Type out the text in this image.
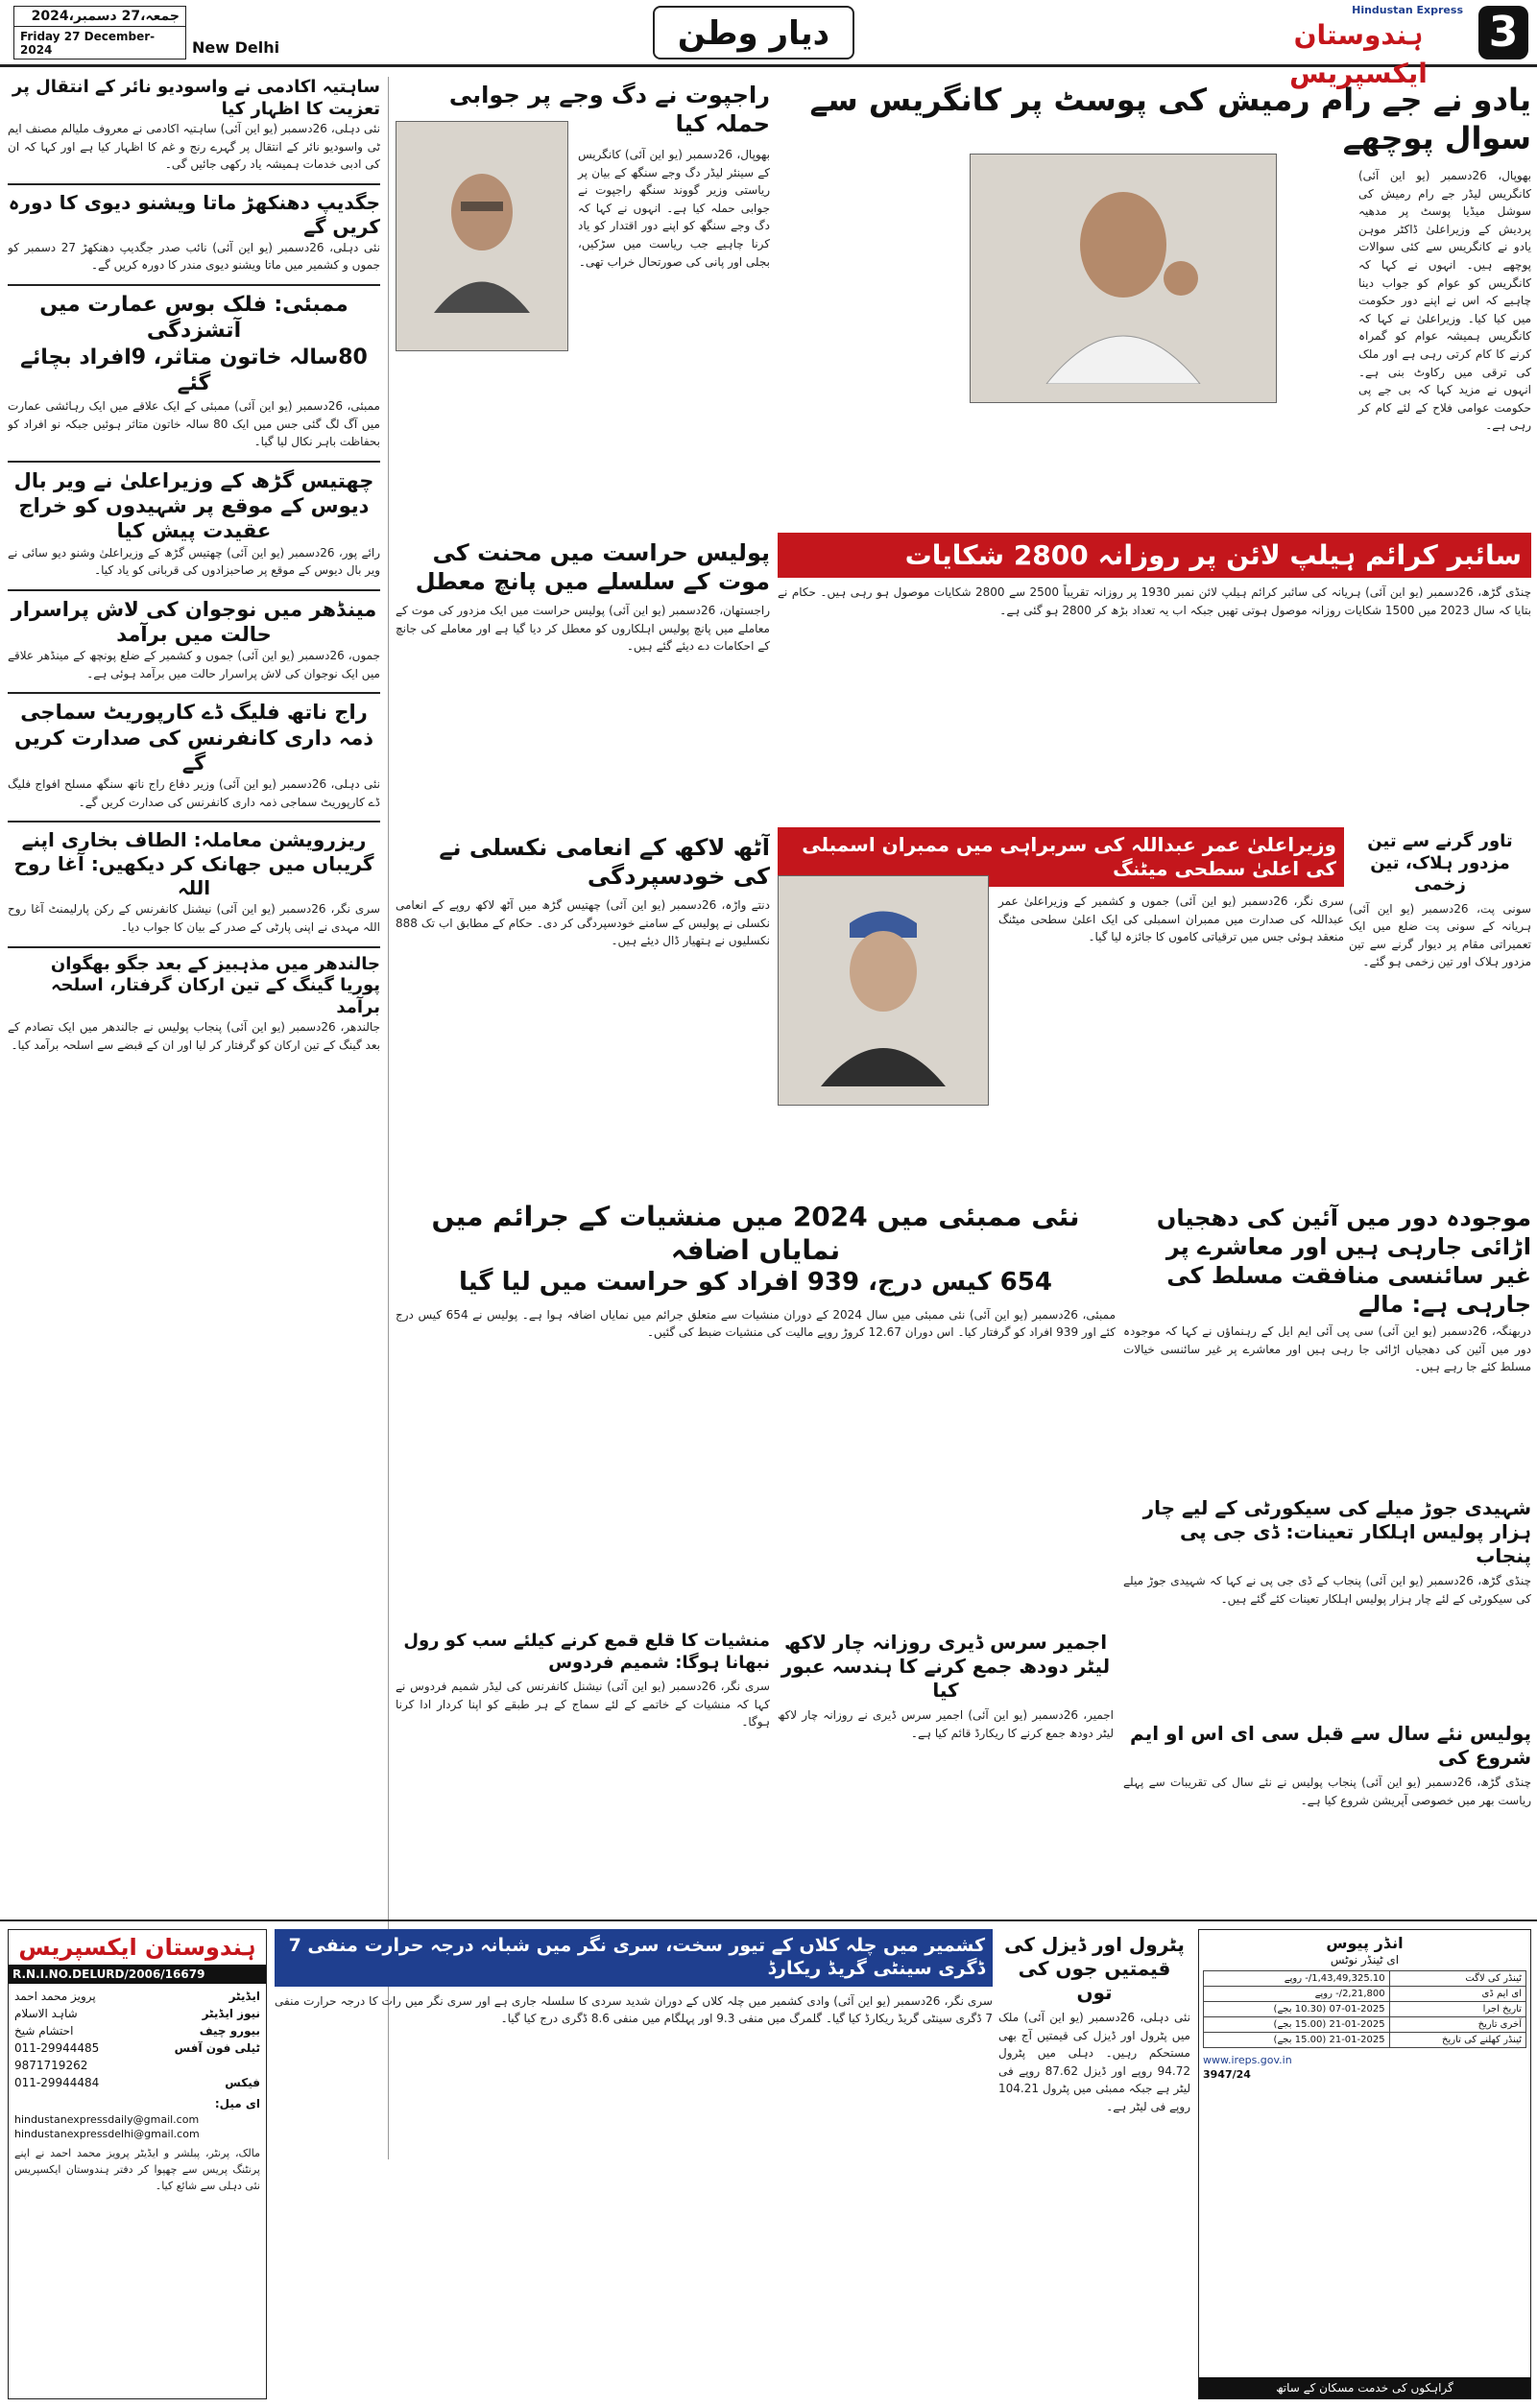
جمعہ،27 دسمبر،2024
Friday 27 December-2024	New Delhi	دیار وطن
Hindustan Express
ہندوستان ایکسپریس
3
ساہتیہ اکادمی نے واسودیو نائر کے انتقال پر تعزیت کا اظہار کیا
نئی دہلی، 26دسمبر (یو این آئی) ساہتیہ اکادمی نے معروف ملیالم مصنف ایم ٹی واسودیو نائر کے انتقال پر گہرے رنج و غم کا اظہار کیا ہے اور کہا کہ ان کی ادبی خدمات ہمیشہ یاد رکھی جائیں گی۔
جگدیپ دھنکھڑ ماتا ویشنو دیوی کا دورہ کریں گے
نئی دہلی، 26دسمبر (یو این آئی) نائب صدر جگدیپ دھنکھڑ 27 دسمبر کو جموں و کشمیر میں ماتا ویشنو دیوی مندر کا دورہ کریں گے۔
ممبئی: فلک بوس عمارت میں آتشزدگی
80سالہ خاتون متاثر، 9افراد بچائے گئے
ممبئی، 26دسمبر (یو این آئی) ممبئی کے ایک علاقے میں ایک رہائشی عمارت میں آگ لگ گئی جس میں ایک 80 سالہ خاتون متاثر ہوئیں جبکہ نو افراد کو بحفاظت باہر نکال لیا گیا۔
چھتیس گڑھ کے وزیراعلیٰ نے ویر بال دیوس کے موقع پر شہیدوں کو خراج عقیدت پیش کیا
رائے پور، 26دسمبر (یو این آئی) چھتیس گڑھ کے وزیراعلیٰ وشنو دیو سائی نے ویر بال دیوس کے موقع پر صاحبزادوں کی قربانی کو یاد کیا۔
مینڈھر میں نوجوان کی لاش پراسرار حالت میں برآمد
جموں، 26دسمبر (یو این آئی) جموں و کشمیر کے ضلع پونچھ کے مینڈھر علاقے میں ایک نوجوان کی لاش پراسرار حالت میں برآمد ہوئی ہے۔
راج ناتھ فلیگ ڈے کارپوریٹ سماجی ذمہ داری کانفرنس کی صدارت کریں گے
نئی دہلی، 26دسمبر (یو این آئی) وزیر دفاع راج ناتھ سنگھ مسلح افواج فلیگ ڈے کارپوریٹ سماجی ذمہ داری کانفرنس کی صدارت کریں گے۔
ریزرویشن معاملہ: الطاف بخاری اپنے گریباں میں جھانک کر دیکھیں: آغا روح اللہ
سری نگر، 26دسمبر (یو این آئی) نیشنل کانفرنس کے رکن پارلیمنٹ آغا روح اللہ مہدی نے اپنی پارٹی کے صدر کے بیان کا جواب دیا۔
جالندھر میں مذہبیز کے بعد جگو بھگوان پوریا گینگ کے تین ارکان گرفتار، اسلحہ برآمد
جالندھر، 26دسمبر (یو این آئی) پنجاب پولیس نے جالندھر میں ایک تصادم کے بعد گینگ کے تین ارکان کو گرفتار کر لیا اور ان کے قبضے سے اسلحہ برآمد کیا۔
راجپوت نے دگ وجے پر جوابی حملہ کیا
بھوپال، 26دسمبر (یو این آئی) کانگریس کے سینئر لیڈر دگ وجے سنگھ کے بیان پر ریاستی وزیر گووند سنگھ راجپوت نے جوابی حملہ کیا ہے۔ انہوں نے کہا کہ دگ وجے سنگھ کو اپنے دور اقتدار کو یاد کرنا چاہیے جب ریاست میں سڑکیں، بجلی اور پانی کی صورتحال خراب تھی۔
یادو نے جے رام رمیش کی پوسٹ پر کانگریس سے سوال پوچھے
بھوپال، 26دسمبر (یو این آئی) کانگریس لیڈر جے رام رمیش کی سوشل میڈیا پوسٹ پر مدھیہ پردیش کے وزیراعلیٰ ڈاکٹر موہن یادو نے کانگریس سے کئی سوالات پوچھے ہیں۔ انہوں نے کہا کہ کانگریس کو عوام کو جواب دینا چاہیے کہ اس نے اپنے دور حکومت میں کیا کیا۔ وزیراعلیٰ نے کہا کہ کانگریس ہمیشہ عوام کو گمراہ کرنے کا کام کرتی رہی ہے اور ملک کی ترقی میں رکاوٹ بنی ہے۔ انہوں نے مزید کہا کہ بی جے پی حکومت عوامی فلاح کے لئے کام کر رہی ہے۔
سائبر کرائم ہیلپ لائن پر روزانہ 2800 شکایات
چنڈی گڑھ، 26دسمبر (یو این آئی) ہریانہ کی سائبر کرائم ہیلپ لائن نمبر 1930 پر روزانہ تقریباً 2500 سے 2800 شکایات موصول ہو رہی ہیں۔ حکام نے بتایا کہ سال 2023 میں 1500 شکایات روزانہ موصول ہوتی تھیں جبکہ اب یہ تعداد بڑھ کر 2800 ہو گئی ہے۔
پولیس حراست میں محنت کی موت کے سلسلے میں پانچ معطل
راجستھان، 26دسمبر (یو این آئی) پولیس حراست میں ایک مزدور کی موت کے معاملے میں پانچ پولیس اہلکاروں کو معطل کر دیا گیا ہے اور معاملے کی جانچ کے احکامات دے دیئے گئے ہیں۔
وزیراعلیٰ عمر عبداللہ کی سربراہی میں ممبران اسمبلی کی اعلیٰ سطحی میٹنگ
سری نگر، 26دسمبر (یو این آئی) جموں و کشمیر کے وزیراعلیٰ عمر عبداللہ کی صدارت میں ممبران اسمبلی کی ایک اعلیٰ سطحی میٹنگ منعقد ہوئی جس میں ترقیاتی کاموں کا جائزہ لیا گیا۔
تاور گرنے سے تین مزدور ہلاک، تین زخمی
سونی پت، 26دسمبر (یو این آئی) ہریانہ کے سونی پت ضلع میں ایک تعمیراتی مقام پر دیوار گرنے سے تین مزدور ہلاک اور تین زخمی ہو گئے۔
آٹھ لاکھ کے انعامی نکسلی نے کی خودسپردگی
دنتے واڑہ، 26دسمبر (یو این آئی) چھتیس گڑھ میں آٹھ لاکھ روپے کے انعامی نکسلی نے پولیس کے سامنے خودسپردگی کر دی۔ حکام کے مطابق اب تک 888 نکسلیوں نے ہتھیار ڈال دیئے ہیں۔
موجودہ دور میں آئین کی دھجیاں اڑائی جارہی ہیں اور معاشرے پر غیر سائنسی منافقت مسلط کی جارہی ہے: مالے
دربھنگہ، 26دسمبر (یو این آئی) سی پی آئی ایم ایل کے رہنماؤں نے کہا کہ موجودہ دور میں آئین کی دھجیاں اڑائی جا رہی ہیں اور معاشرے پر غیر سائنسی خیالات مسلط کئے جا رہے ہیں۔
نئی ممبئی میں 2024 میں منشیات کے جرائم میں نمایاں اضافہ
654 کیس درج، 939 افراد کو حراست میں لیا گیا
ممبئی، 26دسمبر (یو این آئی) نئی ممبئی میں سال 2024 کے دوران منشیات سے متعلق جرائم میں نمایاں اضافہ ہوا ہے۔ پولیس نے 654 کیس درج کئے اور 939 افراد کو گرفتار کیا۔ اس دوران 12.67 کروڑ روپے مالیت کی منشیات ضبط کی گئیں۔
شہیدی جوڑ میلے کی سیکورٹی کے لیے چار ہزار پولیس اہلکار تعینات: ڈی جی پی پنجاب
چنڈی گڑھ، 26دسمبر (یو این آئی) پنجاب کے ڈی جی پی نے کہا کہ شہیدی جوڑ میلے کی سیکورٹی کے لئے چار ہزار پولیس اہلکار تعینات کئے گئے ہیں۔
پولیس نئے سال سے قبل سی ای اس او ایم شروع کی
چنڈی گڑھ، 26دسمبر (یو این آئی) پنجاب پولیس نے نئے سال کی تقریبات سے پہلے ریاست بھر میں خصوصی آپریشن شروع کیا ہے۔
اجمیر سرس ڈیری روزانہ چار لاکھ لیٹر دودھ جمع کرنے کا ہندسہ عبور کیا
اجمیر، 26دسمبر (یو این آئی) اجمیر سرس ڈیری نے روزانہ چار لاکھ لیٹر دودھ جمع کرنے کا ریکارڈ قائم کیا ہے۔
منشیات کا قلع قمع کرنے کیلئے سب کو رول نبھانا ہوگا: شمیم فردوس
سری نگر، 26دسمبر (یو این آئی) نیشنل کانفرنس کی لیڈر شمیم فردوس نے کہا کہ منشیات کے خاتمے کے لئے سماج کے ہر طبقے کو اپنا کردار ادا کرنا ہوگا۔
ہندوستان ایکسپریس
R.N.I.NO.DELURD/2006/16679
ایڈیٹر
پرویز محمد احمد
نیوز ایڈیٹر
شاہد الاسلام
بیورو چیف
احتشام شیخ
ٹیلی فون آفس
011-29944485
9871719262
فیکس
011-29944484
ای میل:
hindustanexpressdaily@gmail.com
hindustanexpressdelhi@gmail.com
مالک، پرنٹر، پبلشر و ایڈیٹر پرویز محمد احمد نے اپنے پرنٹنگ پریس سے چھپوا کر دفتر ہندوستان ایکسپریس نئی دہلی سے شائع کیا۔
پٹرول اور ڈیزل کی قیمتیں جوں کی توں
نئی دہلی، 26دسمبر (یو این آئی) ملک میں پٹرول اور ڈیزل کی قیمتیں آج بھی مستحکم رہیں۔ دہلی میں پٹرول 94.72 روپے اور ڈیزل 87.62 روپے فی لیٹر ہے جبکہ ممبئی میں پٹرول 104.21 روپے فی لیٹر ہے۔
کشمیر میں چلہ کلاں کے تیور سخت، سری نگر میں شبانہ درجہ حرارت منفی 7 ڈگری سینٹی گریڈ ریکارڈ
سری نگر، 26دسمبر (یو این آئی) وادی کشمیر میں چلہ کلاں کے دوران شدید سردی کا سلسلہ جاری ہے اور سری نگر میں رات کا درجہ حرارت منفی 7 ڈگری سینٹی گریڈ ریکارڈ کیا گیا۔ گلمرگ میں منفی 9.3 اور پہلگام میں منفی 8.6 ڈگری درج کیا گیا۔
انڈر پیوس
ای ٹینڈر نوٹس
ٹینڈر کی لاگت	1,43,49,325.10/- روپے
ای ایم ڈی	2,21,800/- روپے
تاریخ اجرا	07-01-2025 (10.30 بجے)
آخری تاریخ	21-01-2025 (15.00 بجے)
ٹینڈر کھلنے کی تاریخ	21-01-2025 (15.00 بجے)
www.ireps.gov.in
3947/24
گراہکوں کی خدمت مسکان کے ساتھ
